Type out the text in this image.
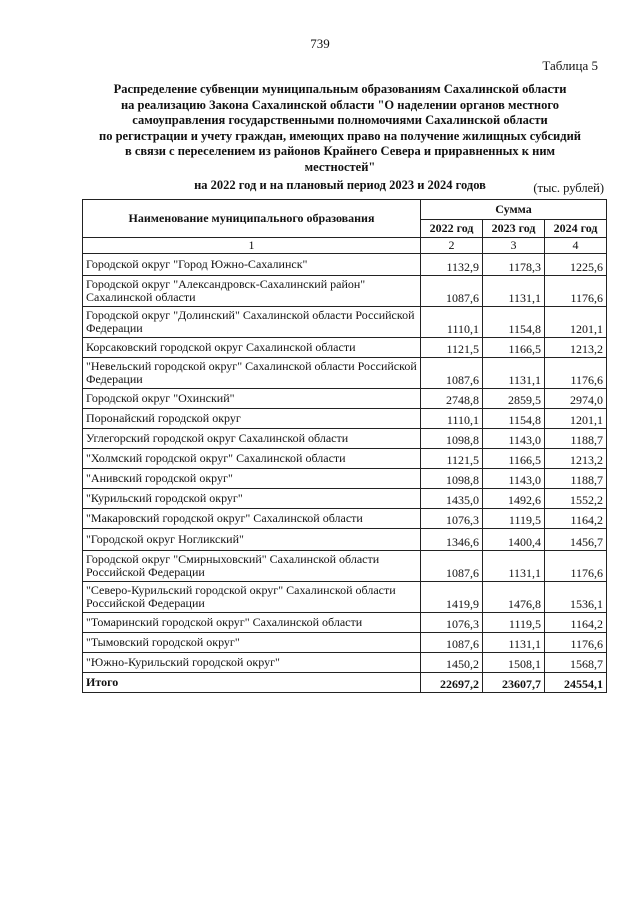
739
Таблица 5
Распределение субвенции муниципальным образованиям Сахалинской области
на реализацию Закона Сахалинской области "О наделении органов местного
самоуправления государственными полномочиями Сахалинской области
по регистрации и учету граждан, имеющих право на получение жилищных субсидий
в связи с переселением из районов Крайнего Севера и приравненных к ним
местностей"
на 2022 год и на плановый период 2023 и 2024 годов	(тыс. рублей)
Наименование муниципального образования	Сумма		
	2022 год	2023 год	2024 год
1	2	3	4
Городской округ "Город Южно-Сахалинск"	1132,9	1178,3	1225,6
Городской округ "Александровск-Сахалинский район" Сахалинской области	1087,6	1131,1	1176,6
Городской округ "Долинский" Сахалинской области Российской Федерации	1110,1	1154,8	1201,1
Корсаковский городской округ Сахалинской области	1121,5	1166,5	1213,2
"Невельский городской округ" Сахалинской области Российской Федерации	1087,6	1131,1	1176,6
Городской округ "Охинский"	2748,8	2859,5	2974,0
Поронайский городской округ	1110,1	1154,8	1201,1
Углегорский городской округ Сахалинской области	1098,8	1143,0	1188,7
"Холмский городской округ" Сахалинской области	1121,5	1166,5	1213,2
"Анивский городской округ"	1098,8	1143,0	1188,7
"Курильский городской округ"	1435,0	1492,6	1552,2
"Макаровский городской округ" Сахалинской области	1076,3	1119,5	1164,2
"Городской округ Ногликский"	1346,6	1400,4	1456,7
Городской округ "Смирныховский" Сахалинской области Российской Федерации	1087,6	1131,1	1176,6
"Северо-Курильский городской округ" Сахалинской области Российской Федерации	1419,9	1476,8	1536,1
"Томаринский городской округ" Сахалинской области	1076,3	1119,5	1164,2
"Тымовский городской округ"	1087,6	1131,1	1176,6
"Южно-Курильский городской округ"	1450,2	1508,1	1568,7
Итого	22697,2	23607,7	24554,1
